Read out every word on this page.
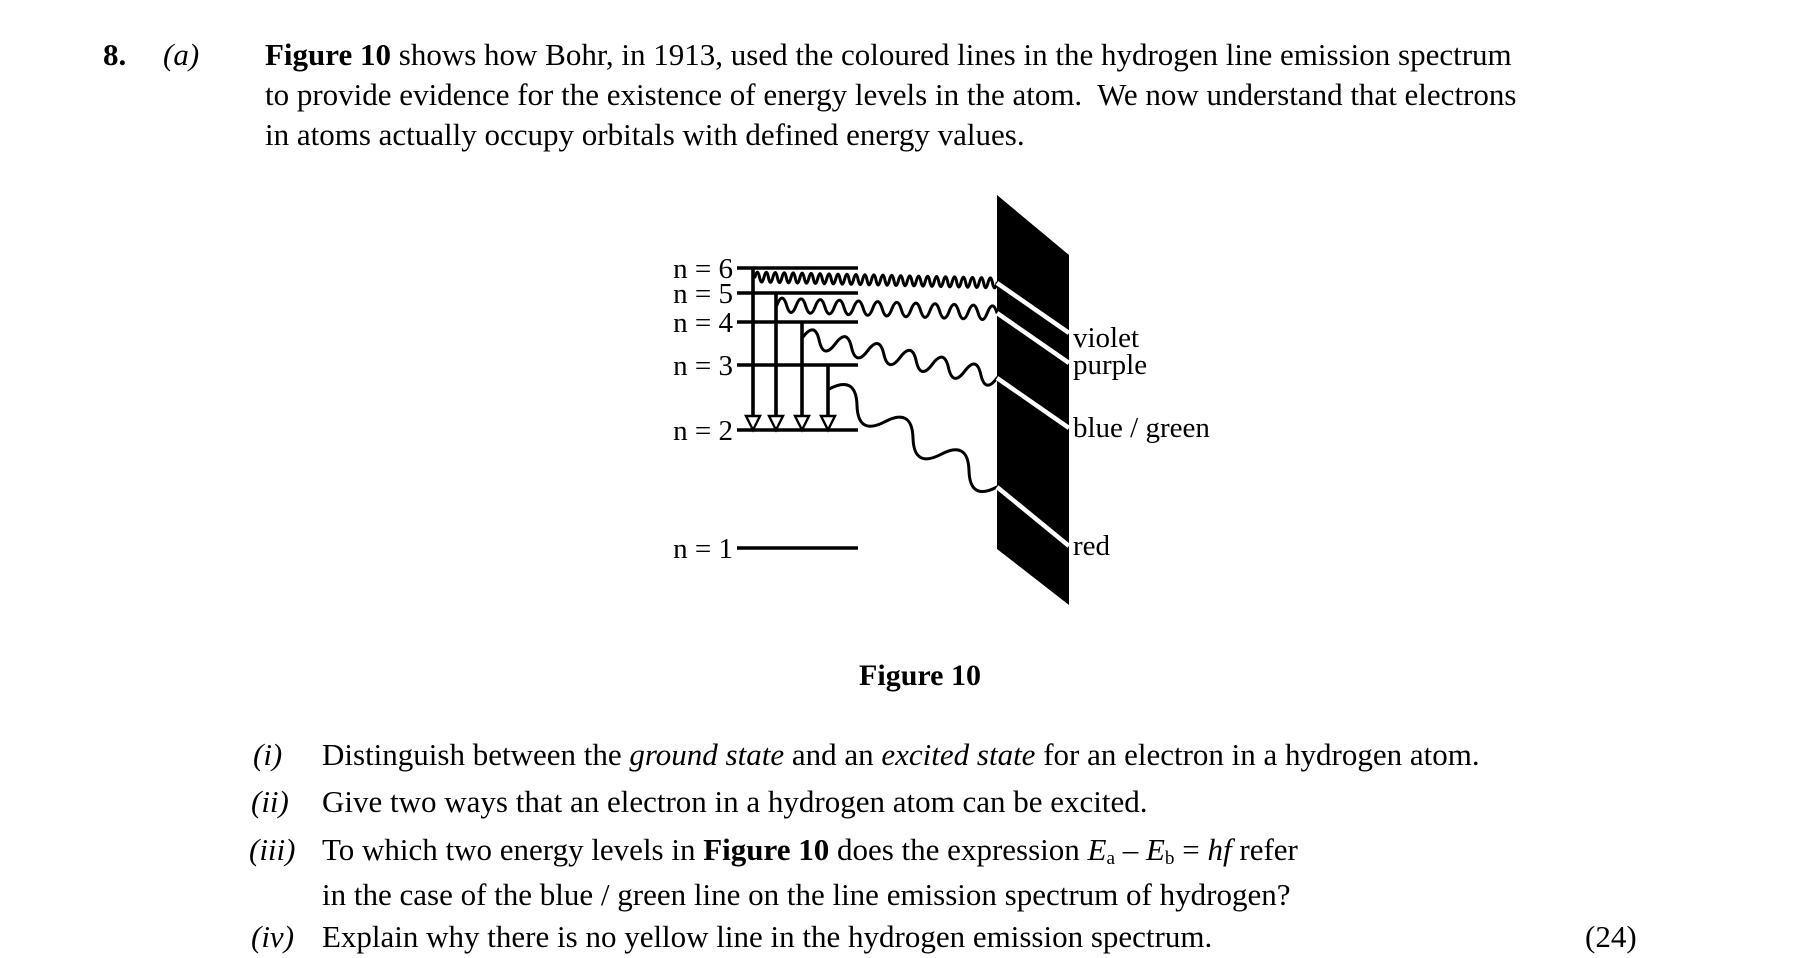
8. (a) Figure 10 shows how Bohr, in 1913, used the coloured lines in the hydrogen line emission spectrum
to provide evidence for the existence of energy levels in the atom.  We now understand that electrons
in atoms actually occupy orbitals with defined energy values.
n = 6
n = 5
n = 4
n = 3
n = 2
n = 1
violet
purple
blue / green
red
Figure 10
(i) Distinguish between the ground state and an excited state for an electron in a hydrogen atom.
(ii) Give two ways that an electron in a hydrogen atom can be excited.
(iii) To which two energy levels in Figure 10 does the expression Ea – Eb = hf refer
in the case of the blue / green line on the line emission spectrum of hydrogen?
(iv) Explain why there is no yellow line in the hydrogen emission spectrum.	(24)
